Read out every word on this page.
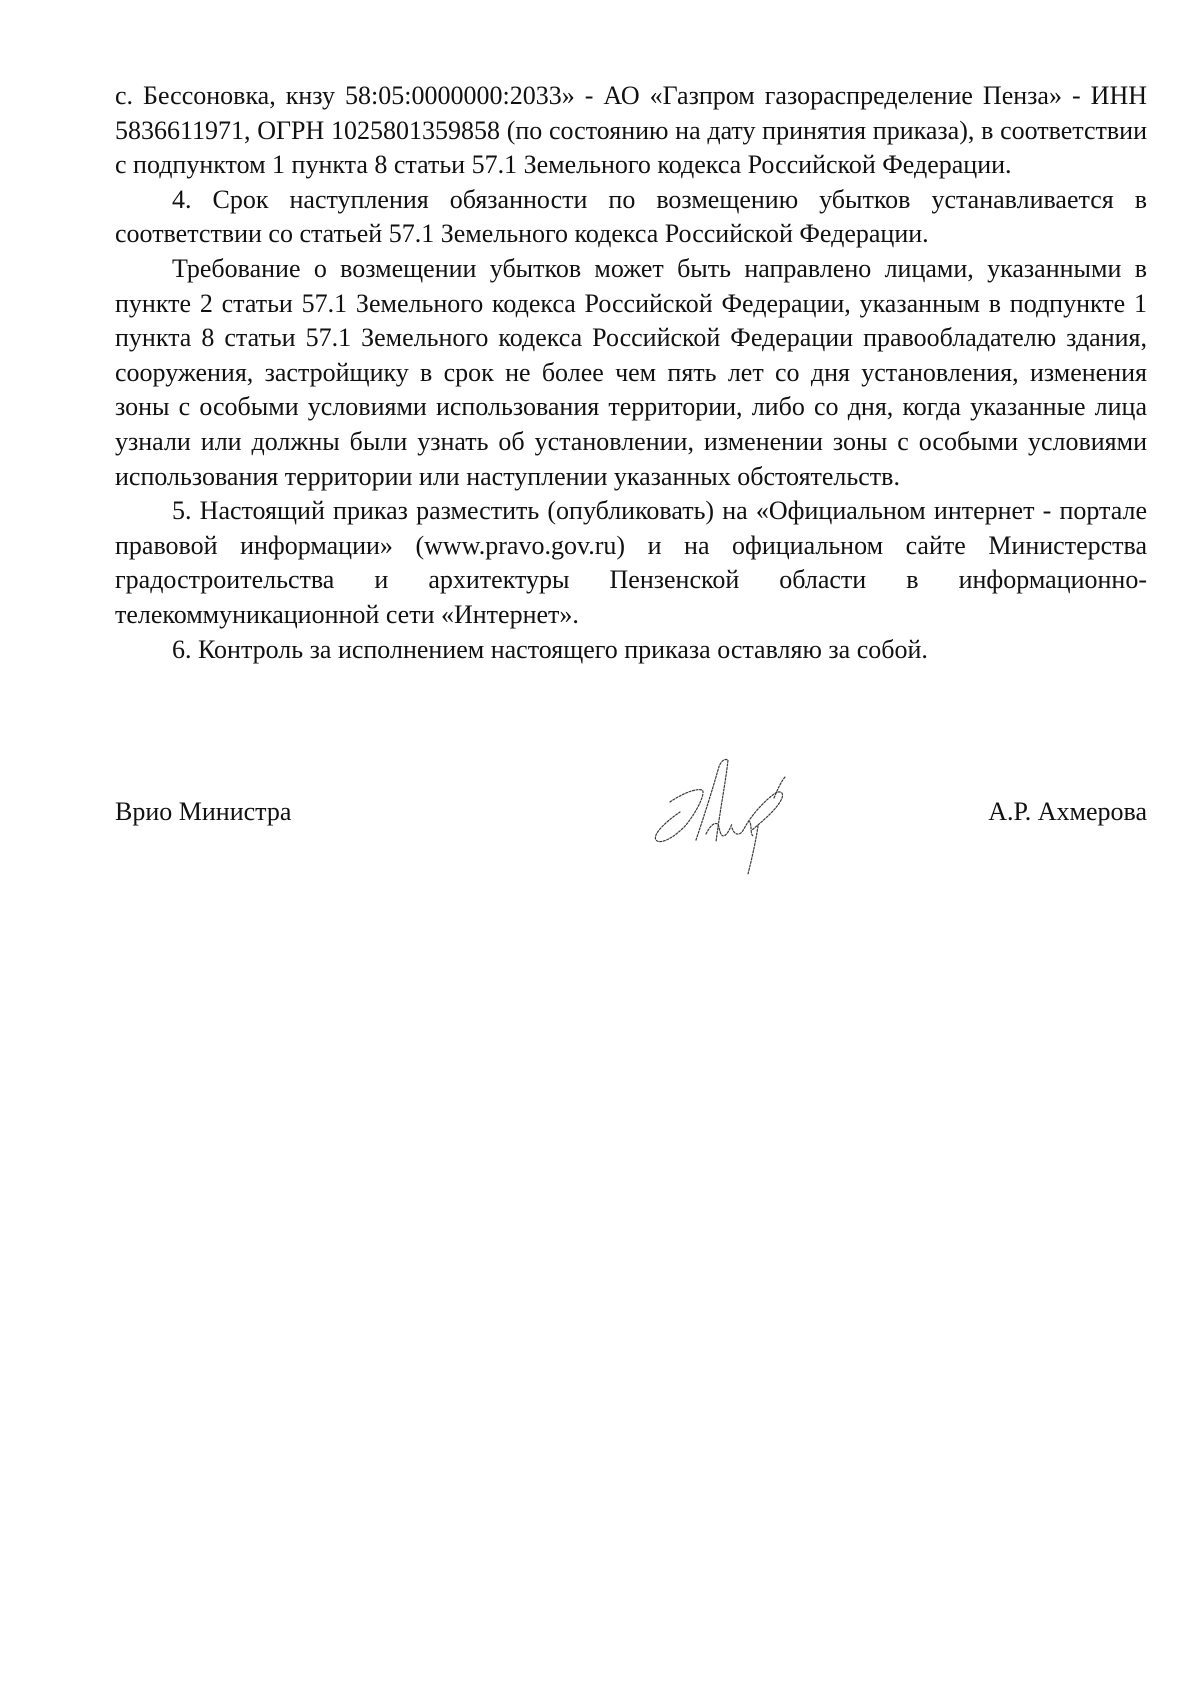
с. Бессоновка, кнзу 58:05:0000000:2033» - АО «Газпром газораспределение Пенза» - ИНН 5836611971, ОГРН 1025801359858 (по состоянию на дату принятия приказа), в соответствии с подпунктом 1 пункта 8 статьи 57.1 Земельного кодекса Российской Федерации.

4. Срок наступления обязанности по возмещению убытков устанавливается в соответствии со статьей 57.1 Земельного кодекса Российской Федерации.

Требование о возмещении убытков может быть направлено лицами, указанными в пункте 2 статьи 57.1 Земельного кодекса Российской Федерации, указанным в подпункте 1 пункта 8 статьи 57.1 Земельного кодекса Российской Федерации правообладателю здания, сооружения, застройщику в срок не более чем пять лет со дня установления, изменения зоны с особыми условиями использования территории, либо со дня, когда указанные лица узнали или должны были узнать об установлении, изменении зоны с особыми условиями использования территории или наступлении указанных обстоятельств.

5. Настоящий приказ разместить (опубликовать) на «Официальном интернет - портале правовой информации» (www.pravo.gov.ru) и на официальном сайте Министерства градостроительства и архитектуры Пензенской области в информационно-телекоммуникационной сети «Интернет».

6. Контроль за исполнением настоящего приказа оставляю за собой.

Врио Министра	А.Р. Ахмерова
